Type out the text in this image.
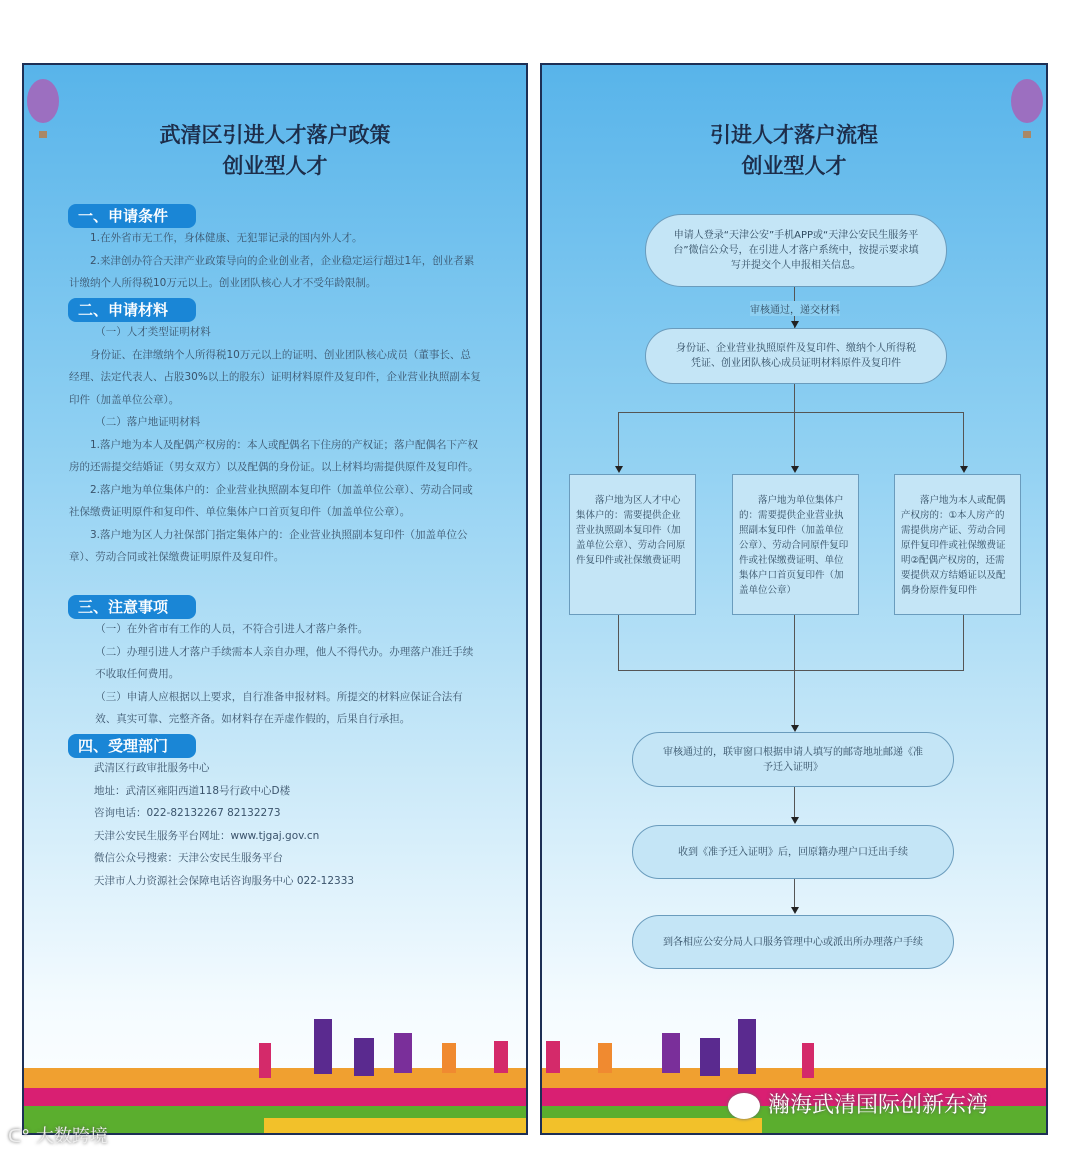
武清区引进人才落户政策
创业型人才
一、申请条件
1.在外省市无工作，身体健康、无犯罪记录的国内外人才。
2.来津创办符合天津产业政策导向的企业创业者，企业稳定运行超过1年，创业者累计缴纳个人所得税10万元以上。创业团队核心人才不受年龄限制。
二、申请材料
（一）人才类型证明材料
身份证、在津缴纳个人所得税10万元以上的证明、创业团队核心成员（董事长、总经理、法定代表人、占股30%以上的股东）证明材料原件及复印件，企业营业执照副本复印件（加盖单位公章）。
（二）落户地证明材料
1.落户地为本人及配偶产权房的：本人或配偶名下住房的产权证；落户配偶名下产权房的还需提交结婚证（男女双方）以及配偶的身份证。以上材料均需提供原件及复印件。
2.落户地为单位集体户的：企业营业执照副本复印件（加盖单位公章）、劳动合同或社保缴费证明原件和复印件、单位集体户口首页复印件（加盖单位公章）。
3.落户地为区人力社保部门指定集体户的：企业营业执照副本复印件（加盖单位公章）、劳动合同或社保缴费证明原件及复印件。
三、注意事项
（一）在外省市有工作的人员，不符合引进人才落户条件。
（二）办理引进人才落户手续需本人亲自办理，他人不得代办。办理落户准迁手续不收取任何费用。
（三）申请人应根据以上要求，自行准备申报材料。所提交的材料应保证合法有效、真实可靠、完整齐备。如材料存在弄虚作假的，后果自行承担。
四、受理部门
武清区行政审批服务中心
地址：武清区雍阳西道118号行政中心D楼
咨询电话：022-82132267 82132273
天津公安民生服务平台网址：www.tjgaj.gov.cn
微信公众号搜索：天津公安民生服务平台
天津市人力资源社会保障电话咨询服务中心 022-12333
引进人才落户流程
创业型人才
申请人登录“天津公安”手机APP或“天津公安民生服务平台”微信公众号，在引进人才落户系统中，按提示要求填写并提交个人申报相关信息。
审核通过，递交材料
身份证、企业营业执照原件及复印件、缴纳个人所得税凭证、创业团队核心成员证明材料原件及复印件
落户地为区人才中心集体户的：需要提供企业营业执照副本复印件（加盖单位公章）、劳动合同原件复印件或社保缴费证明
落户地为单位集体户的：需要提供企业营业执照副本复印件（加盖单位公章）、劳动合同原件复印件或社保缴费证明、单位集体户口首页复印件（加盖单位公章）
落户地为本人或配偶产权房的：①本人房产的需提供房产证、劳动合同原件复印件或社保缴费证明②配偶产权房的，还需要提供双方结婚证以及配偶身份原件复印件
审核通过的，联审窗口根据申请人填写的邮寄地址邮递《准予迁入证明》
收到《准予迁入证明》后，回原籍办理户口迁出手续
到各相应公安分局人口服务管理中心或派出所办理落户手续
瀚海武清国际创新东湾
ᑕ° 大数跨境
